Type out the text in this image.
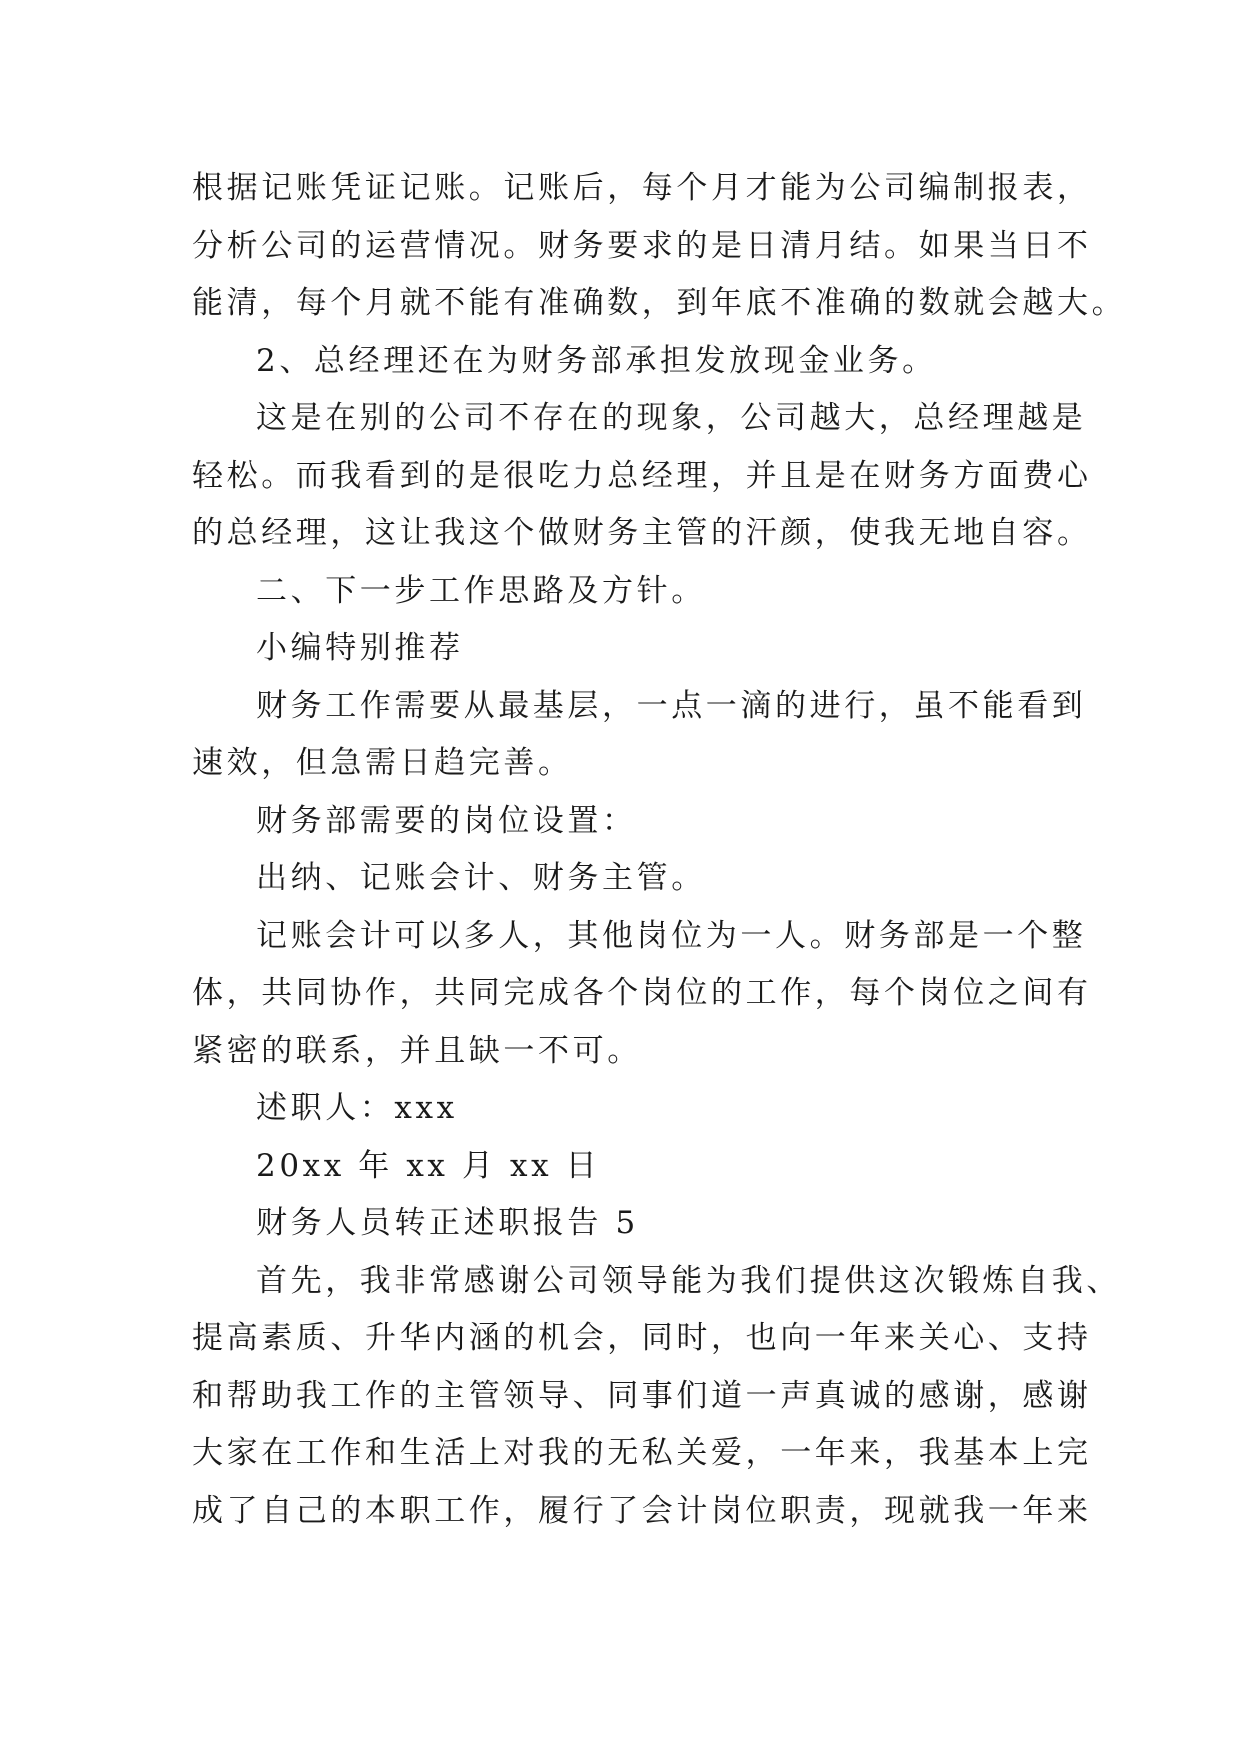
根据记账凭证记账。记账后，每个月才能为公司编制报表，
分析公司的运营情况。财务要求的是日清月结。如果当日不
能清，每个月就不能有准确数，到年底不准确的数就会越大。
2、总经理还在为财务部承担发放现金业务。
这是在别的公司不存在的现象，公司越大，总经理越是
轻松。而我看到的是很吃力总经理，并且是在财务方面费心
的总经理，这让我这个做财务主管的汗颜，使我无地自容。
二、下一步工作思路及方针。
小编特别推荐
财务工作需要从最基层，一点一滴的进行，虽不能看到
速效，但急需日趋完善。
财务部需要的岗位设置：
出纳、记账会计、财务主管。
记账会计可以多人，其他岗位为一人。财务部是一个整
体，共同协作，共同完成各个岗位的工作，每个岗位之间有
紧密的联系，并且缺一不可。
述职人：xxx
20xx 年 xx 月 xx 日
财务人员转正述职报告 5
首先，我非常感谢公司领导能为我们提供这次锻炼自我、
提高素质、升华内涵的机会，同时，也向一年来关心、支持
和帮助我工作的主管领导、同事们道一声真诚的感谢，感谢
大家在工作和生活上对我的无私关爱，一年来，我基本上完
成了自己的本职工作，履行了会计岗位职责，现就我一年来
